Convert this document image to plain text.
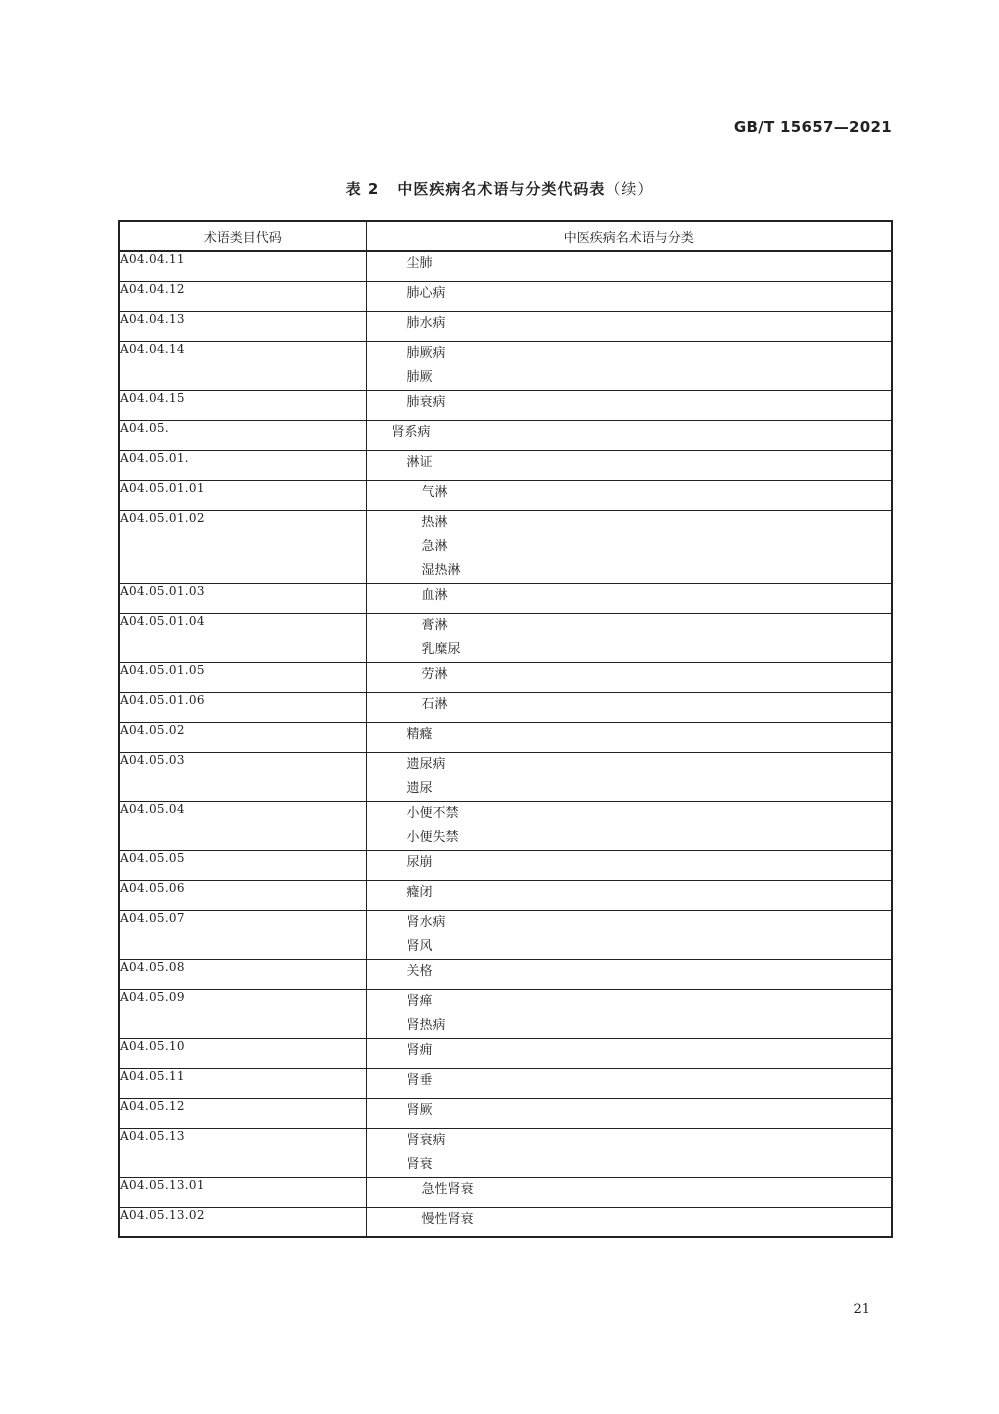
GB/T 15657—2021
表 2 中医疾病名术语与分类代码表（续）
术语类目代码	中医疾病名术语与分类
A04.04.11	尘肺

A04.04.12	肺心病

A04.04.13	肺水病

A04.04.14	肺厥病
肺厥

A04.04.15	肺衰病

A04.05.	肾系病

A04.05.01.	淋证

A04.05.01.01	气淋

A04.05.01.02	热淋
急淋
湿热淋

A04.05.01.03	血淋

A04.05.01.04	膏淋
乳糜尿

A04.05.01.05	劳淋

A04.05.01.06	石淋

A04.05.02	精癃

A04.05.03	遗尿病
遗尿

A04.05.04	小便不禁
小便失禁

A04.05.05	尿崩

A04.05.06	癃闭

A04.05.07	肾水病
肾风

A04.05.08	关格

A04.05.09	肾瘅
肾热病

A04.05.10	肾痈

A04.05.11	肾垂

A04.05.12	肾厥

A04.05.13	肾衰病
肾衰

A04.05.13.01	急性肾衰

A04.05.13.02	慢性肾衰
21
